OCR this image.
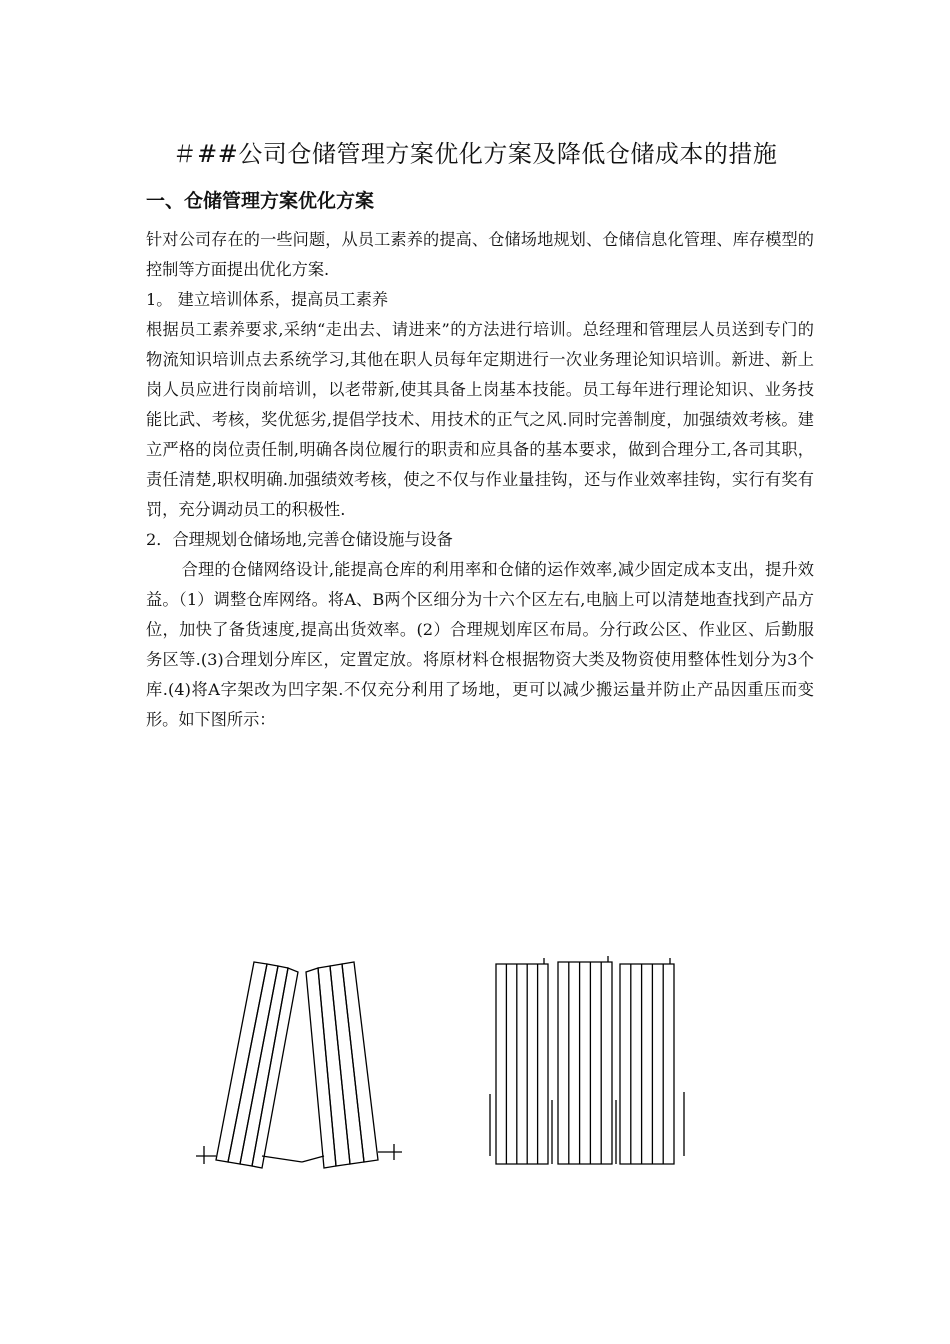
＃##公司仓储管理方案优化方案及降低仓储成本的措施
一、仓储管理方案优化方案

针对公司存在的一些问题，从员工素养的提高、仓储场地规划、仓储信息化管理、库存模型的控制等方面提出优化方案.

1。 建立培训体系，提高员工素养

根据员工素养要求,采纳“走出去、请进来”的方法进行培训。总经理和管理层人员送到专门的物流知识培训点去系统学习,其他在职人员每年定期进行一次业务理论知识培训。新进、新上岗人员应进行岗前培训，以老带新,使其具备上岗基本技能。员工每年进行理论知识、业务技能比武、考核，奖优惩劣,提倡学技术、用技术的正气之风.同时完善制度，加强绩效考核。建立严格的岗位责任制,明确各岗位履行的职责和应具备的基本要求，做到合理分工,各司其职，责任清楚,职权明确.加强绩效考核，使之不仅与作业量挂钩，还与作业效率挂钩，实行有奖有罚，充分调动员工的积极性.

2．合理规划仓储场地,完善仓储设施与设备

合理的仓储网络设计,能提高仓库的利用率和仓储的运作效率,减少固定成本支出，提升效益。（1）调整仓库网络。将A、B两个区细分为十六个区左右,电脑上可以清楚地查找到产品方位，加快了备货速度,提高出货效率。(2）合理规划库区布局。分行政公区、作业区、后勤服务区等.(3)合理划分库区，定置定放。将原材料仓根据物资大类及物资使用整体性划分为3个库.(4)将A字架改为凹字架.不仅充分利用了场地，更可以减少搬运量并防止产品因重压而变形。如下图所示：
